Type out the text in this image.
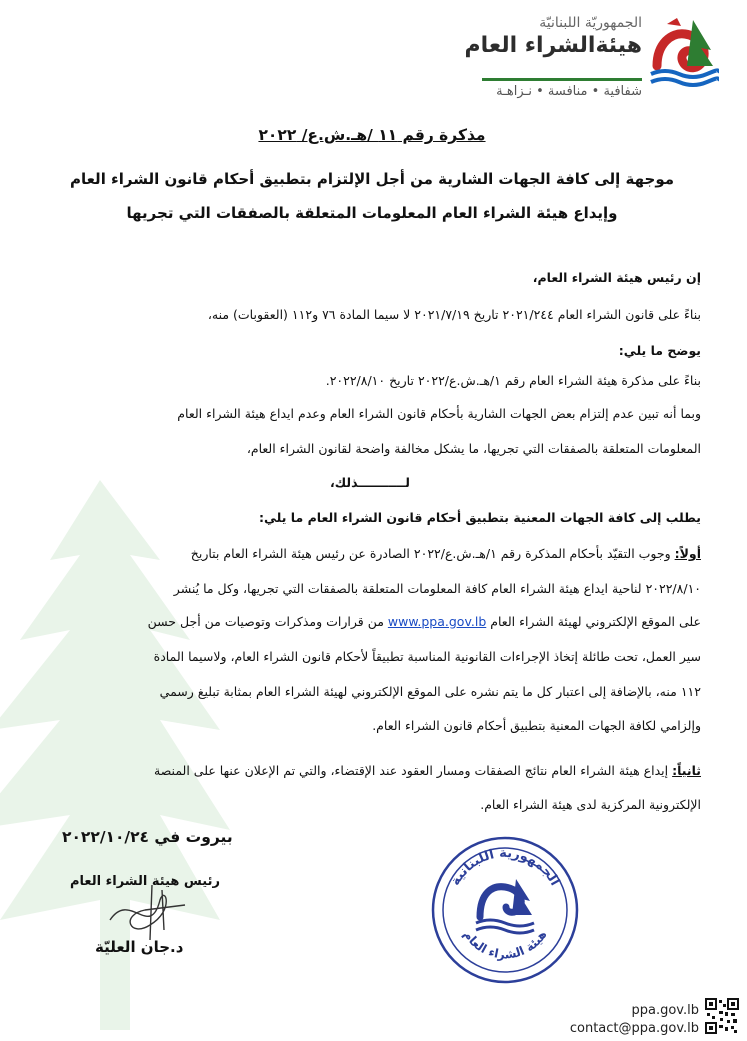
الجمهوريّة اللبنانيّة
هيئةالشراء العام
شفافية • منافسة • نـزاهـة
مذكرة رقم ١١ /هـ.ش.ع/ ٢٠٢٢
موجهة إلى كافة الجهات الشارية من أجل الإلتزام بتطبيق أحكام قانون الشراء العام
وإيداع هيئة الشراء العام المعلومات المتعلقة بالصفقات التي تجريها
إن رئيس هيئة الشراء العام،
بناءً على قانون الشراء العام ٢٠٢١/٢٤٤ تاريخ ٢٠٢١/٧/١٩ لا سيما المادة ٧٦ و١١٢ (العقوبات) منه،
يوضح ما يلي:
بناءً على مذكرة هيئة الشراء العام رقم ١/هـ.ش.ع/٢٠٢٢ تاريخ ٢٠٢٢/٨/١٠.
وبما أنه تبين عدم إلتزام بعض الجهات الشارية بأحكام قانون الشراء العام وعدم ايداع هيئة الشراء العام
المعلومات المتعلقة بالصفقات التي تجريها، ما يشكل مخالفة واضحة لقانون الشراء العام،
لـــــــــــذلك،
يطلب إلى كافة الجهات المعنية بتطبيق أحكام قانون الشراء العام ما يلي:
أولاً: وجوب التقيّد بأحكام المذكرة رقم ١/هـ.ش.ع/٢٠٢٢ الصادرة عن رئيس هيئة الشراء العام بتاريخ
٢٠٢٢/٨/١٠ لناحية ايداع هيئة الشراء العام كافة المعلومات المتعلقة بالصفقات التي تجريها، وكل ما يُنشر
على الموقع الإلكتروني لهيئة الشراء العام www.ppa.gov.lb من قرارات ومذكرات وتوصيات من أجل حسن
سير العمل، تحت طائلة إتخاذ الإجراءات القانونية المناسبة تطبيقاً لأحكام قانون الشراء العام، ولاسيما المادة
١١٢ منه، بالإضافة إلى اعتبار كل ما يتم نشره على الموقع الإلكتروني لهيئة الشراء العام بمثابة تبليغ رسمي
وإلزامي لكافة الجهات المعنية بتطبيق أحكام قانون الشراء العام.
ثانياً: إيداع هيئة الشراء العام نتائج الصفقات ومسار العقود عند الإقتضاء، والتي تم الإعلان عنها على المنصة
الإلكترونية المركزية لدى هيئة الشراء العام.
بيروت في ٢٠٢٢/١٠/٢٤
رئيس هيئة الشراء العام
د.جان العليّة
الجمهورية اللبنانية
هيئة الشراء العام
ppa.gov.lb
contact@ppa.gov.lb
